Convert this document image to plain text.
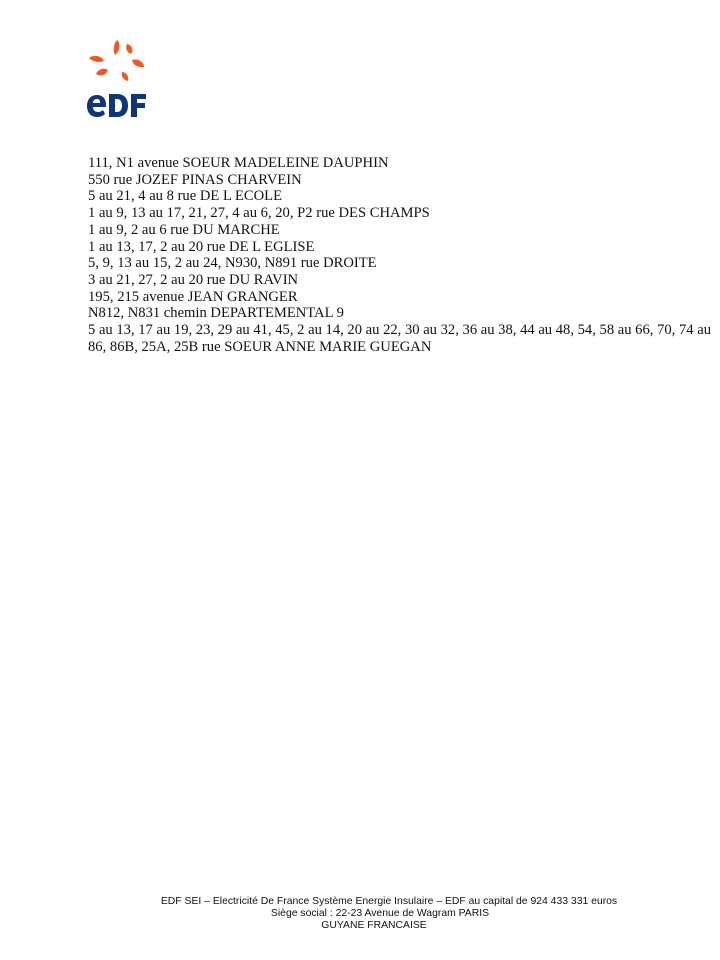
111, N1 avenue SOEUR MADELEINE DAUPHIN
550 rue JOZEF PINAS CHARVEIN
5 au 21, 4 au 8 rue DE L ECOLE
1 au 9, 13 au 17, 21, 27, 4 au 6, 20, P2 rue DES CHAMPS
1 au 9, 2 au 6 rue DU MARCHE
1 au 13, 17, 2 au 20 rue DE L EGLISE
5, 9, 13 au 15, 2 au 24, N930, N891 rue DROITE
3 au 21, 27, 2 au 20 rue DU RAVIN
195, 215 avenue JEAN GRANGER
N812, N831 chemin DEPARTEMENTAL 9
5 au 13, 17 au 19, 23, 29 au 41, 45, 2 au 14, 20 au 22, 30 au 32, 36 au 38, 44 au 48, 54, 58 au 66, 70, 74 au 86, 86B, 25A, 25B rue SOEUR ANNE MARIE GUEGAN
EDF SEI – Electricité De France Système Energie Insulaire – EDF au capital de 924 433 331 euros
Siège social : 22-23 Avenue de Wagram PARIS
GUYANE FRANCAISE
